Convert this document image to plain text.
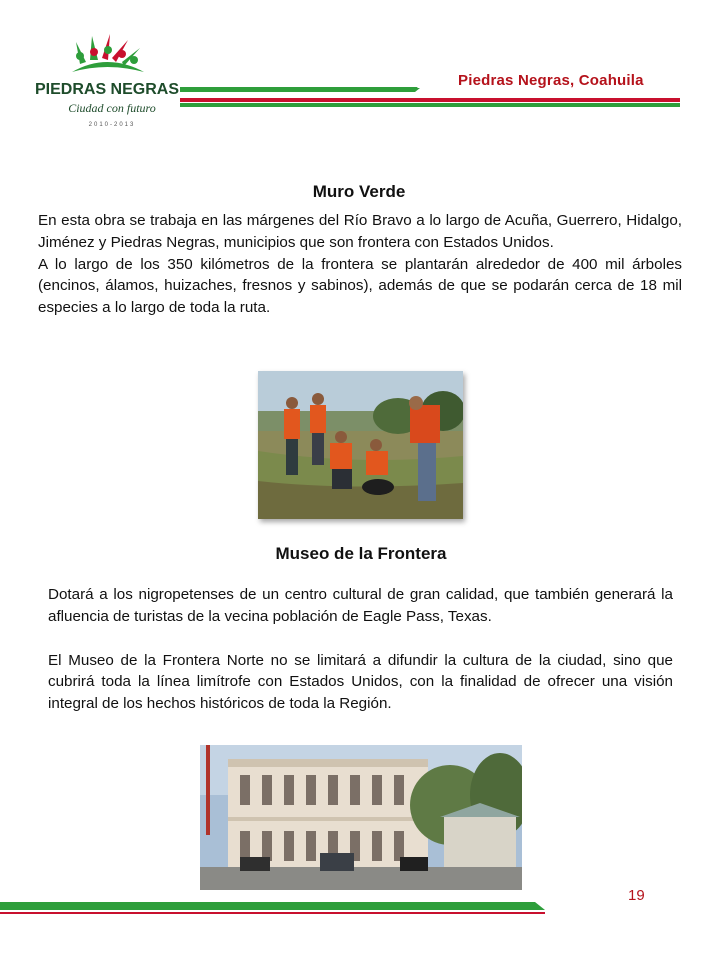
PIEDRAS NEGRAS
Ciudad con futuro
2010-2013
Piedras Negras, Coahuila
Muro Verde

En esta obra se trabaja en las márgenes del Río Bravo a lo largo de Acuña, Guerrero, Hidalgo, Jiménez y Piedras Negras, municipios que son frontera con Estados Unidos.

A lo largo de los 350 kilómetros de la frontera se plantarán alrededor de 400 mil árboles (encinos, álamos, huizaches, fresnos y sabinos), además de que se podarán cerca de 18 mil especies a lo largo de toda la ruta.

Museo de la Frontera

Dotará a los nigropetenses de un centro cultural de gran calidad, que también generará la afluencia de turistas de la vecina población de Eagle Pass, Texas.

El Museo de la Frontera Norte no se limitará a difundir la cultura de la ciudad, sino que cubrirá toda la línea limítrofe con Estados Unidos, con la finalidad de ofrecer una visión integral de los hechos históricos de toda la Región.

19
